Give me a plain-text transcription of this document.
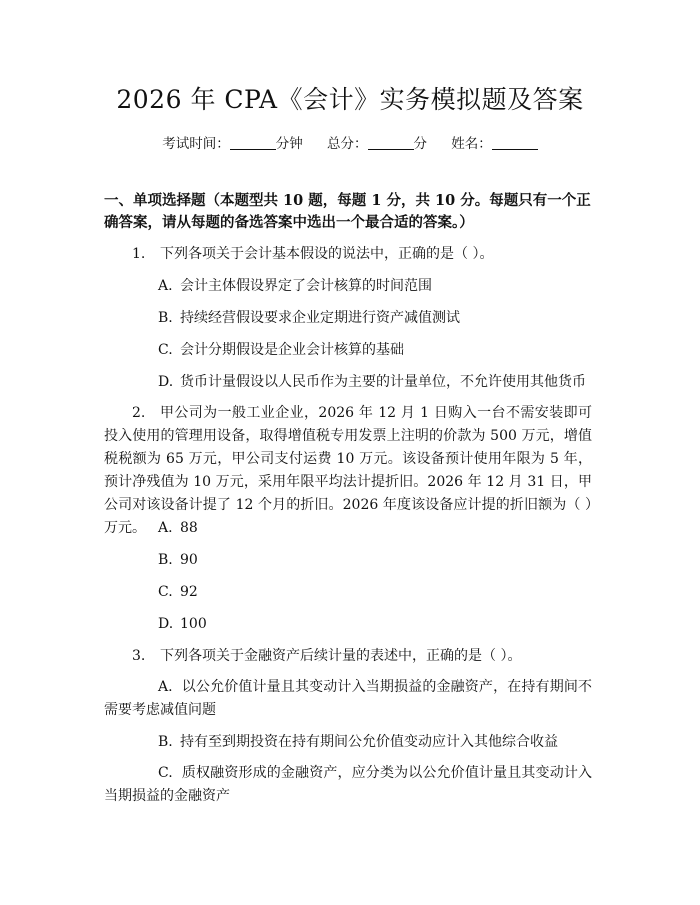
2026 年 CPA《会计》实务模拟题及答案
考试时间：	分钟 总分：	分 姓名：
一、单项选择题（本题型共 10 题，每题 1 分，共 10 分。每题只有一个正确答案，请从每题的备选答案中选出一个最合适的答案。）
1. 下列各项关于会计基本假设的说法中，正确的是（ ）。
A. 会计主体假设界定了会计核算的时间范围
B. 持续经营假设要求企业定期进行资产减值测试
C. 会计分期假设是企业会计核算的基础
D. 货币计量假设以人民币作为主要的计量单位，不允许使用其他货币
2. 甲公司为一般工业企业，2026 年 12 月 1 日购入一台不需安装即可投入使用的管理用设备，取得增值税专用发票上注明的价款为 500 万元，增值税税额为 65 万元，甲公司支付运费 10 万元。该设备预计使用年限为 5 年，预计净残值为 10 万元，采用年限平均法计提折旧。2026 年 12 月 31 日，甲公司对该设备计提了 12 个月的折旧。2026 年度该设备应计提的折旧额为（ ）万元。 A. 88
B. 90
C. 92
D. 100
3. 下列各项关于金融资产后续计量的表述中，正确的是（ ）。
A. 以公允价值计量且其变动计入当期损益的金融资产，在持有期间不需要考虑减值问题
B. 持有至到期投资在持有期间公允价值变动应计入其他综合收益
C. 质权融资形成的金融资产，应分类为以公允价值计量且其变动计入当期损益的金融资产
